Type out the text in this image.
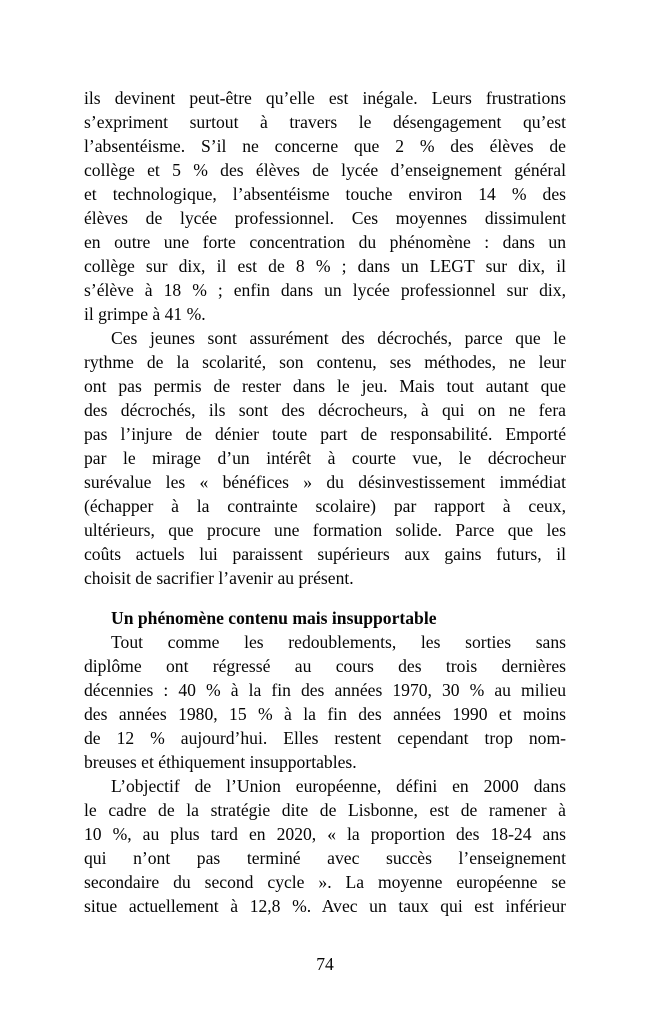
ils devinent peut-être qu’elle est inégale. Leurs frustrations
s’expriment surtout à travers le désengagement qu’est
l’absentéisme. S’il ne concerne que 2 % des élèves de
collège et 5 % des élèves de lycée d’enseignement général
et technologique, l’absentéisme touche environ 14 % des
élèves de lycée professionnel. Ces moyennes dissimulent
en outre une forte concentration du phénomène : dans un
collège sur dix, il est de 8 % ; dans un LEGT sur dix, il
s’élève à 18 % ; enfin dans un lycée professionnel sur dix,
il grimpe à 41 %.
Ces jeunes sont assurément des décrochés, parce que le
rythme de la scolarité, son contenu, ses méthodes, ne leur
ont pas permis de rester dans le jeu. Mais tout autant que
des décrochés, ils sont des décrocheurs, à qui on ne fera
pas l’injure de dénier toute part de responsabilité. Emporté
par le mirage d’un intérêt à courte vue, le décrocheur
surévalue les « bénéfices » du désinvestissement immédiat
(échapper à la contrainte scolaire) par rapport à ceux,
ultérieurs, que procure une formation solide. Parce que les
coûts actuels lui paraissent supérieurs aux gains futurs, il
choisit de sacrifier l’avenir au présent.
Un phénomène contenu mais insupportable
Tout comme les redoublements, les sorties sans
diplôme ont régressé au cours des trois dernières
décennies : 40 % à la fin des années 1970, 30 % au milieu
des années 1980, 15 % à la fin des années 1990 et moins
de 12 % aujourd’hui. Elles restent cependant trop nom-
breuses et éthiquement insupportables.
L’objectif de l’Union européenne, défini en 2000 dans
le cadre de la stratégie dite de Lisbonne, est de ramener à
10 %, au plus tard en 2020, « la proportion des 18-24 ans
qui n’ont pas terminé avec succès l’enseignement
secondaire du second cycle ». La moyenne européenne se
situe actuellement à 12,8 %. Avec un taux qui est inférieur
74
